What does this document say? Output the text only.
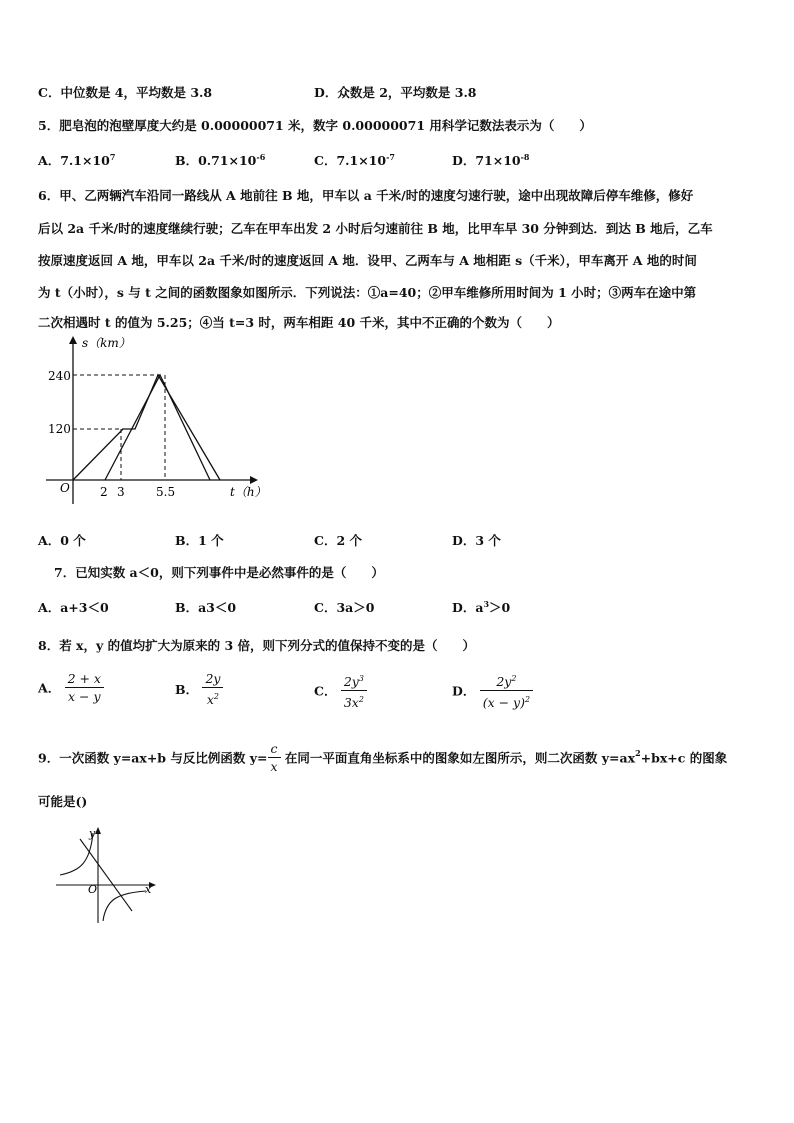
C．中位数是 4，平均数是 3.8	D．众数是 2，平均数是 3.8
5．肥皂泡的泡壁厚度大约是 0.00000071 米，数字 0.00000071 用科学记数法表示为（　　）
A．$7.1\times 10^7$	B．$0.71\times 10^{-6}$	C．$7.1\times 10^{-7}$	D．$71\times 10^{-8}$
6．甲、乙两辆汽车沿同一路线从 A 地前往 B 地，甲车以 a 千米/时的速度匀速行驶，途中出现故障后停车维修，修好
后以 2a 千米/时的速度继续行驶；乙车在甲车出发 2 小时后匀速前往 B 地，比甲车早 30 分钟到达．到达 B 地后，乙车
按原速度返回 A 地，甲车以 2a 千米/时的速度返回 A 地．设甲、乙两车与 A 地相距 s（千米），甲车离开 A 地的时间
为 t（小时），s 与 t 之间的函数图象如图所示．下列说法：①a=40；②甲车维修所用时间为 1 小时；③两车在途中第
二次相遇时 t 的值为 5.25；④当 t=3 时，两车相距 40 千米，其中不正确的个数为（　　）
s（km）
t（h）
O
240
120
2 3	5.5
A．0 个	B．1 个	C．2 个	D．3 个
7．已知实数 a＜0，则下列事件中是必然事件的是（　　）
A．a+3＜0	B．a3＜0	C．3a＞0	D．$a^3>0$
8．若 x，y 的值均扩大为原来的 3 倍，则下列分式的值保持不变的是（　　）
A． $\frac{2 + x}{x - y}$	B． $\frac{2y}{x^2}$	C． $\frac{2y^3}{3x^2}$	D． $\frac{2y^2}{(x - y)^2}$
9．一次函数 y=ax+b 与反比例函数 $y= \frac{c}{x}$ 在同一平面直角坐标系中的图象如左图所示，则二次函数 $y=ax^2+bx+c$ 的图象
可能是()
y
x
O
